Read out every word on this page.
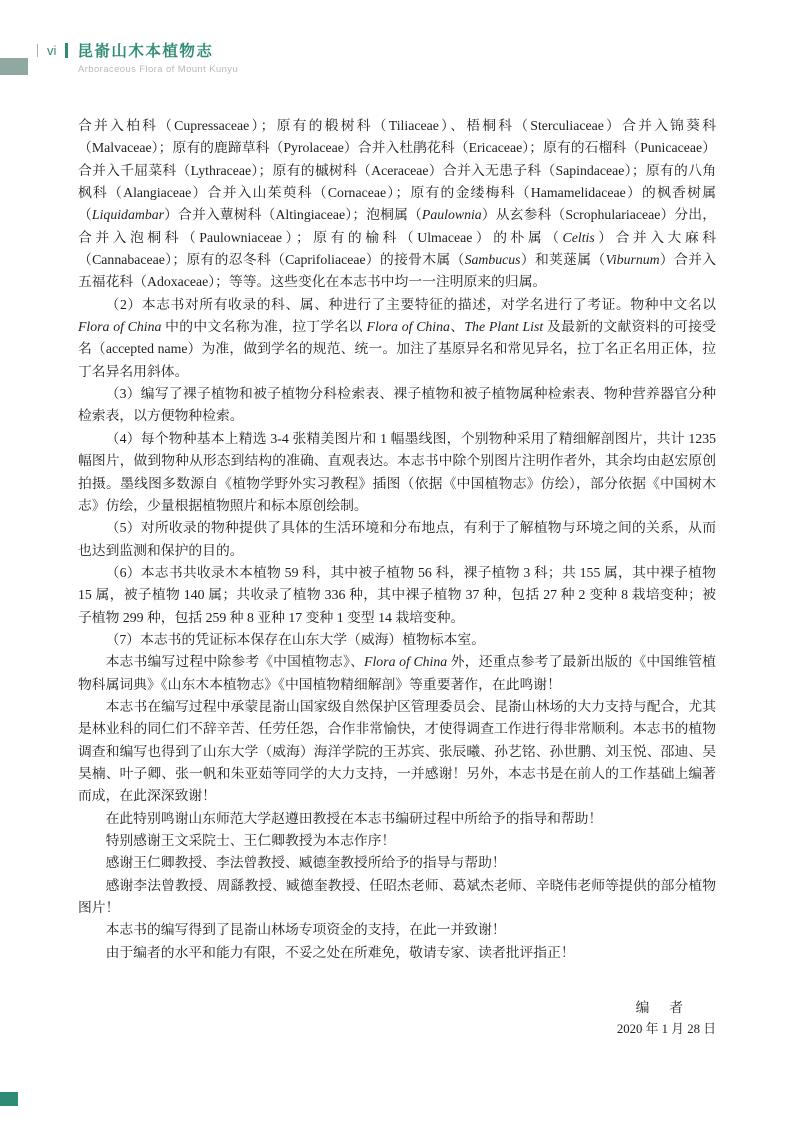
vi 昆嵛山木本植物志
Arboraceous Flora of Mount Kunyu

合并入柏科（Cupressaceae）；原有的椴树科（Tiliaceae）、梧桐科（Sterculiaceae）合并入锦葵科（Malvaceae）；原有的鹿蹄草科（Pyrolaceae）合并入杜鹃花科（Ericaceae）；原有的石榴科（Punicaceae）合并入千屈菜科（Lythraceae）；原有的槭树科（Aceraceae）合并入无患子科（Sapindaceae）；原有的八角枫科（Alangiaceae）合并入山茱萸科（Cornaceae）；原有的金缕梅科（Hamamelidaceae）的枫香树属（Liquidambar）合并入蕈树科（Altingiaceae）；泡桐属（Paulownia）从玄参科（Scrophulariaceae）分出，合并入泡桐科（Paulowniaceae）；原有的榆科（Ulmaceae）的朴属（Celtis）合并入大麻科（Cannabaceae）；原有的忍冬科（Caprifoliaceae）的接骨木属（Sambucus）和荚蒾属（Viburnum）合并入五福花科（Adoxaceae）；等等。这些变化在本志书中均一一注明原来的归属。

（2）本志书对所有收录的科、属、种进行了主要特征的描述，对学名进行了考证。物种中文名以 Flora of China 中的中文名称为准，拉丁学名以 Flora of China、The Plant List 及最新的文献资料的可接受名（accepted name）为准，做到学名的规范、统一。加注了基原异名和常见异名，拉丁名正名用正体，拉丁名异名用斜体。

（3）编写了裸子植物和被子植物分科检索表、裸子植物和被子植物属种检索表、物种营养器官分种检索表，以方便物种检索。

（4）每个物种基本上精选 3-4 张精美图片和 1 幅墨线图，个别物种采用了精细解剖图片，共计 1235 幅图片，做到物种从形态到结构的准确、直观表达。本志书中除个别图片注明作者外，其余均由赵宏原创拍摄。墨线图多数源自《植物学野外实习教程》插图（依据《中国植物志》仿绘），部分依据《中国树木志》仿绘，少量根据植物照片和标本原创绘制。

（5）对所收录的物种提供了具体的生活环境和分布地点，有利于了解植物与环境之间的关系，从而也达到监测和保护的目的。

（6）本志书共收录木本植物 59 科，其中被子植物 56 科，裸子植物 3 科；共 155 属，其中裸子植物 15 属，被子植物 140 属；共收录了植物 336 种，其中裸子植物 37 种，包括 27 种 2 变种 8 栽培变种；被子植物 299 种，包括 259 种 8 亚种 17 变种 1 变型 14 栽培变种。

（7）本志书的凭证标本保存在山东大学（威海）植物标本室。

本志书编写过程中除参考《中国植物志》、Flora of China 外，还重点参考了最新出版的《中国维管植物科属词典》《山东木本植物志》《中国植物精细解剖》等重要著作，在此鸣谢！

本志书在编写过程中承蒙昆嵛山国家级自然保护区管理委员会、昆嵛山林场的大力支持与配合，尤其是林业科的同仁们不辞辛苦、任劳任怨，合作非常愉快，才使得调查工作进行得非常顺利。本志书的植物调查和编写也得到了山东大学（威海）海洋学院的王苏宾、张辰曦、孙艺铭、孙世鹏、刘玉悦、邵迪、吴昊楠、叶子卿、张一帆和朱亚茹等同学的大力支持，一并感谢！另外，本志书是在前人的工作基础上编著而成，在此深深致谢！

在此特别鸣谢山东师范大学赵遵田教授在本志书编研过程中所给予的指导和帮助！

特别感谢王文采院士、王仁卿教授为本志作序！

感谢王仁卿教授、李法曾教授、臧德奎教授所给予的指导与帮助！

感谢李法曾教授、周繇教授、臧德奎教授、任昭杰老师、葛斌杰老师、辛晓伟老师等提供的部分植物图片！

本志书的编写得到了昆嵛山林场专项资金的支持，在此一并致谢！

由于编者的水平和能力有限，不妥之处在所难免，敬请专家、读者批评指正！

编　者
2020 年 1 月 28 日
